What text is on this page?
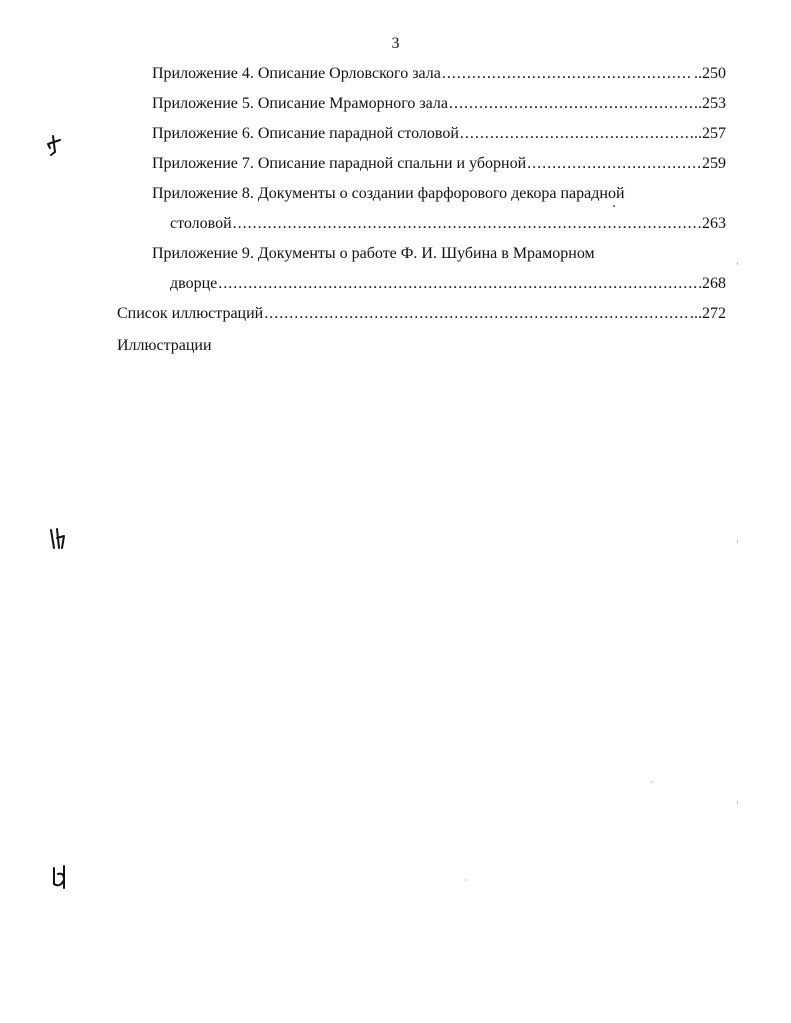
3
Приложение 4. Описание Орловского зала .....	..250
Приложение 5. Описание Мраморного зала .....	.253
Приложение 6. Описание парадной столовой .....	..257
Приложение 7. Описание парадной спальни и уборной .....	259
Приложение 8. Документы о создании фарфорового декора парадной
столовой .....	263
Приложение 9. Документы о работе Ф. И. Шубина в Мраморном
дворце .....	268
Список иллюстраций .....	...272
Иллюстрации
